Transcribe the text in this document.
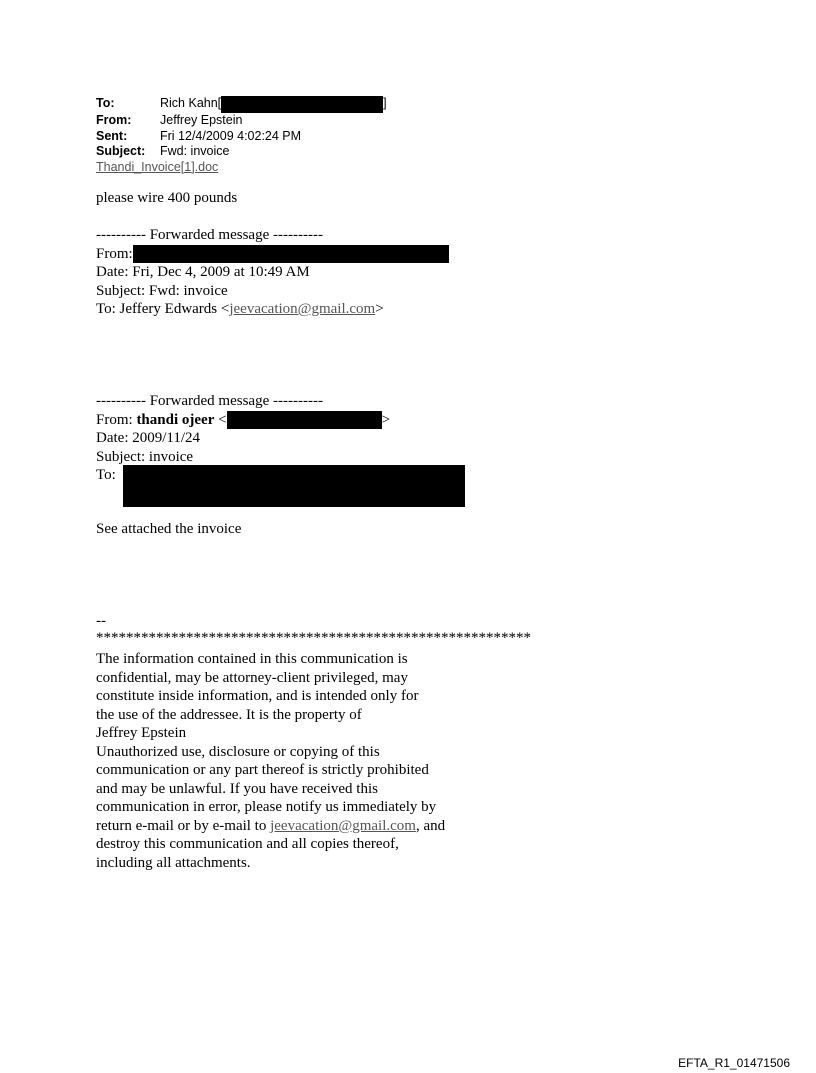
To:	Rich Kahn[	]
From:	Jeffrey Epstein
Sent:	Fri 12/4/2009 4:02:24 PM
Subject:	Fwd: invoice
Thandi_Invoice[1].doc
please wire 400 pounds
---------- Forwarded message ----------
From:
Date: Fri, Dec 4, 2009 at 10:49 AM
Subject: Fwd: invoice
To: Jeffery Edwards <jeevacation@gmail.com>
---------- Forwarded message ----------
From: thandi ojeer <	>
Date: 2009/11/24
Subject: invoice
To:
See attached the invoice
--
**********************************************************
The information contained in this communication is
confidential, may be attorney-client privileged, may
constitute inside information, and is intended only for
the use of the addressee. It is the property of
Jeffrey Epstein
Unauthorized use, disclosure or copying of this
communication or any part thereof is strictly prohibited
and may be unlawful. If you have received this
communication in error, please notify us immediately by
return e-mail or by e-mail to jeevacation@gmail.com, and
destroy this communication and all copies thereof,
including all attachments.
EFTA_R1_01471506
